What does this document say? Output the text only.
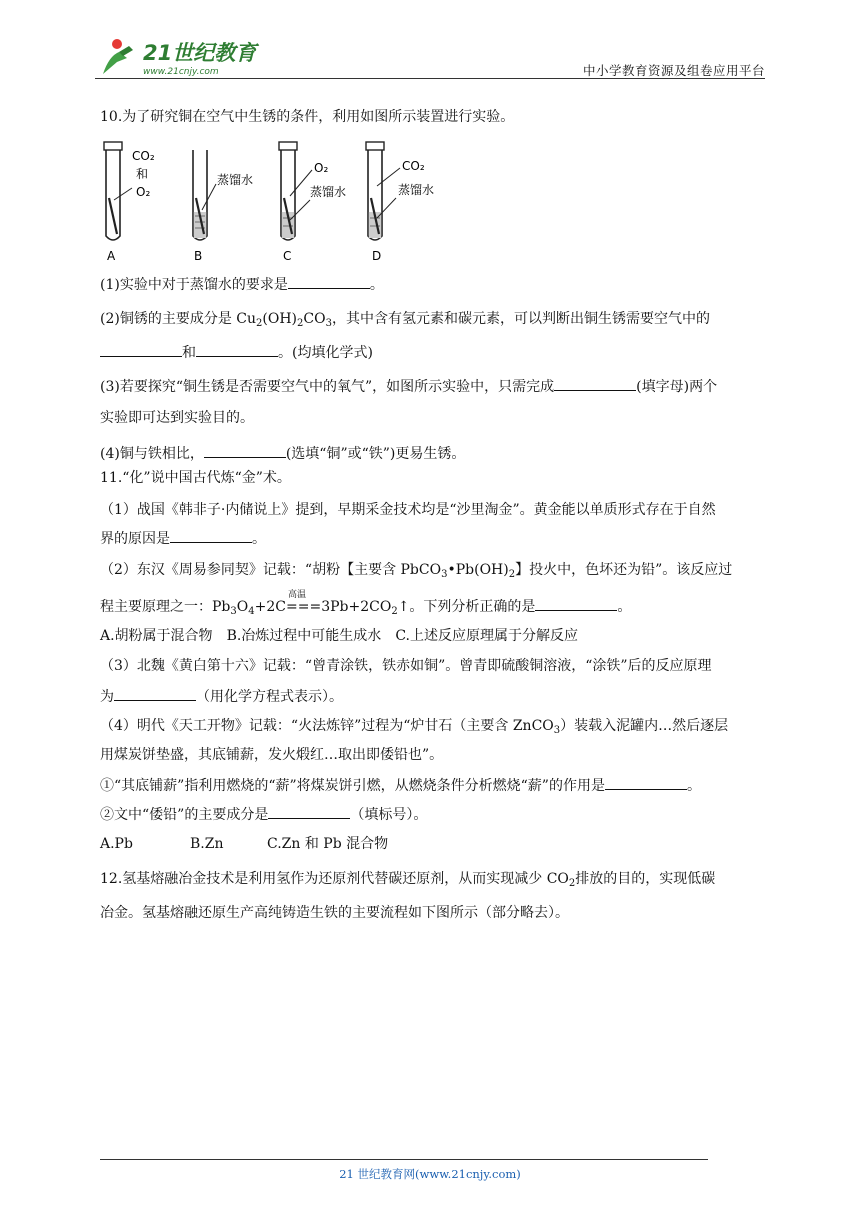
21世纪教育
www.21cnjy.com	中小学教育资源及组卷应用平台
10.为了研究铜在空气中生锈的条件，利用如图所示装置进行实验。
CO₂
和
O₂
A
蒸馏水
B
O₂
蒸馏水
C
CO₂
蒸馏水
D
(1)实验中对于蒸馏水的要求是	。
(2)铜锈的主要成分是 $Cu_2(OH)_2CO_3$，其中含有氢元素和碳元素，可以判断出铜生锈需要空气中的
和	。(均填化学式)
(3)若要探究“铜生锈是否需要空气中的氧气”，如图所示实验中，只需完成	(填字母)两个
实验即可达到实验目的。
(4)铜与铁相比，	(选填“铜”或“铁”)更易生锈。
11.“化”说中国古代炼“金”术。
（1）战国《韩非子·内储说上》提到，早期采金技术均是“沙里淘金”。黄金能以单质形式存在于自然
界的原因是	。
（2）东汉《周易参同契》记载：“胡粉【主要含 $PbCO_3•Pb(OH)_2$】投火中，色坏还为铅”。该反应过
程主要原理之一：$Pb_3O_4+2C$
高温
$===3Pb+2CO_2↑$。下列分析正确的是	。
A.胡粉属于混合物 B.冶炼过程中可能生成水 C.上述反应原理属于分解反应
（3）北魏《黄白第十六》记载：“曾青涂铁，铁赤如铜”。曾青即硫酸铜溶液，“涂铁”后的反应原理
为	（用化学方程式表示）。
（4）明代《天工开物》记载：“火法炼锌”过程为“炉甘石（主要含 ZnCO$_3$）装载入泥罐内…然后逐层
用煤炭饼垫盛，其底铺薪，发火煅红…取出即倭铅也”。
①“其底铺薪”指利用燃烧的“薪”将煤炭饼引燃，从燃烧条件分析燃烧“薪”的作用是	。
②文中“倭铅”的主要成分是	（填标号）。
A.Pb	B.Zn	C.Zn 和 Pb 混合物
12.氢基熔融冶金技术是利用氢作为还原剂代替碳还原剂，从而实现减少 $CO_2$排放的目的，实现低碳
冶金。氢基熔融还原生产高纯铸造生铁的主要流程如下图所示（部分略去）。
21 世纪教育网(www.21cnjy.com)
